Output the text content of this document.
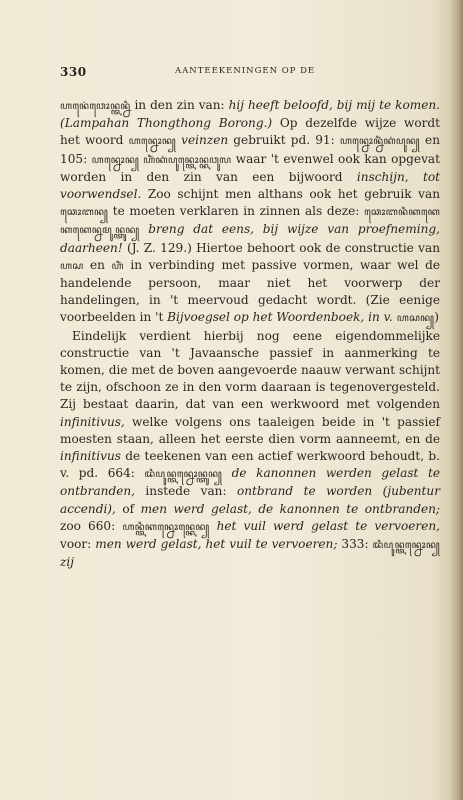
330	AANTEEKENINGEN OP DE

ꦲꦤꦺꦁꦮꦺꦴꦤ꧀ꦠꦤ꧀ꦤꦶ in den zin van: hij heeft beloofd, bij mij te komen. (Lampahan Thongthong Borong.) Op dezelfde wijze wordt het woord ꦲꦤ꧀ꦤꦺꦴꦤ꧀ veinzen gebruikt pd. 91: ꦲꦤ꧀ꦤꦺꦴꦤ꧀ꦤꦶꦁꦏꦁꦥꦸꦤ꧀ en 105: ꦲꦤ꧀ꦤꦺꦴꦤ꧀ ꦲꦶꦁꦏꦁꦥꦸꦤ꧀ꦠꦺꦴꦤ꧀ꦏꦮꦸꦭ waar 't evenwel ook kan opgevat worden in den zin van een bijwoord inschijn, tot voorwendsel. Zoo schijnt men althans ook het gebruik van ꦕꦺꦴꦧꦤ꧀ te moeten verklaren in zinnen als deze: ꦕꦺꦴꦧꦤꦶꦏꦏꦺꦏꦏꦺꦤ꧀ꦤꦩꦸꦤ꧀ꦠꦸꦤ꧀ breng dat eens, bij wijze van proefneming, daarheen! (J. Z. 129.) Hiertoe behoort ook de constructie van ꦲꦱ en ꦲꦶꦁ in verbinding met passive vormen, waar wel de handelende persoon, maar niet het voorwerp der handelingen, in 't meervoud gedacht wordt. (Zie eenige voorbeelden in 't Bijvoegsel op het Woordenboek, in v. ꦲꦱꦤ꧀)

Eindelijk verdient hierbij nog eene eigendommelijke constructie van 't Javaansche passief in aanmerking te komen, die met de boven aangevoerde naauw verwant schijnt te zijn, ofschoon ze in den vorm daaraan is tegenovergesteld. Zij bestaat daarin, dat van een werkwoord met volgenden infinitivus, welke volgens ons taaleigen beide in 't passief moesten staan, alleen het eerste dien vorm aanneemt, en de infinitivus de teekenen van een actief werkwoord behoudt, b. v. pd. 664: ꦢꦶꦥꦸꦤ꧀ꦠꦤ꧀ꦤꦺꦴꦤ꧀ꦠꦸꦤ꧀ de kanonnen werden gelast te ontbranden, instede van: ontbrand te worden (jubentur accendi), of men werd gelast, de kanonnen te ontbranden; zoo 660: ꦲꦤ꧀ꦠꦶꦏꦤ꧀ꦤꦺꦴꦤ꧀ꦏꦺꦤ꧀ het vuil werd gelast te vervoeren, voor: men werd gelast, het vuil te vervoeren; 333: ꦢꦶꦥꦸꦤ꧀ꦠꦤ꧀ꦤꦺꦴꦤ꧀ zij
